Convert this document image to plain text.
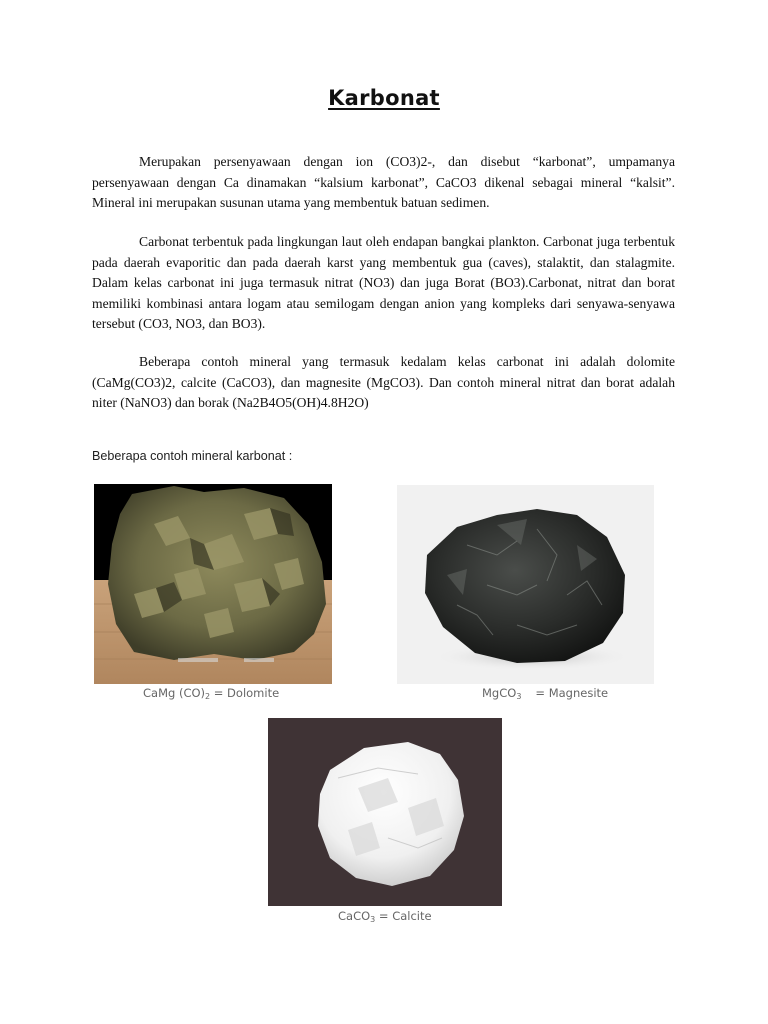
Karbonat

Merupakan persenyawaan dengan ion (CO3)2-, dan disebut “karbonat”, umpamanya persenyawaan dengan Ca dinamakan “kalsium karbonat”, CaCO3 dikenal sebagai mineral “kalsit”. Mineral ini merupakan susunan utama yang membentuk batuan sedimen.

Carbonat terbentuk pada lingkungan laut oleh endapan bangkai plankton. Carbonat juga terbentuk pada daerah evaporitic dan pada daerah karst yang membentuk gua (caves), stalaktit, dan stalagmite. Dalam kelas carbonat ini juga termasuk nitrat (NO3) dan juga Borat (BO3).Carbonat, nitrat dan borat memiliki kombinasi antara logam atau semilogam dengan anion yang kompleks dari senyawa-senyawa tersebut (CO3, NO3, dan BO3).

Beberapa contoh mineral yang termasuk kedalam kelas carbonat ini adalah dolomite (CaMg(CO3)2, calcite (CaCO3), dan magnesite (MgCO3). Dan contoh mineral nitrat dan borat adalah niter (NaNO3) dan borak (Na2B4O5(OH)4.8H2O)

Beberapa contoh mineral karbonat :
CaMg $(CO)_2$ = Dolomite	MgCO$_3$ = Magnesite
CaCO$_3$ = Calcite
